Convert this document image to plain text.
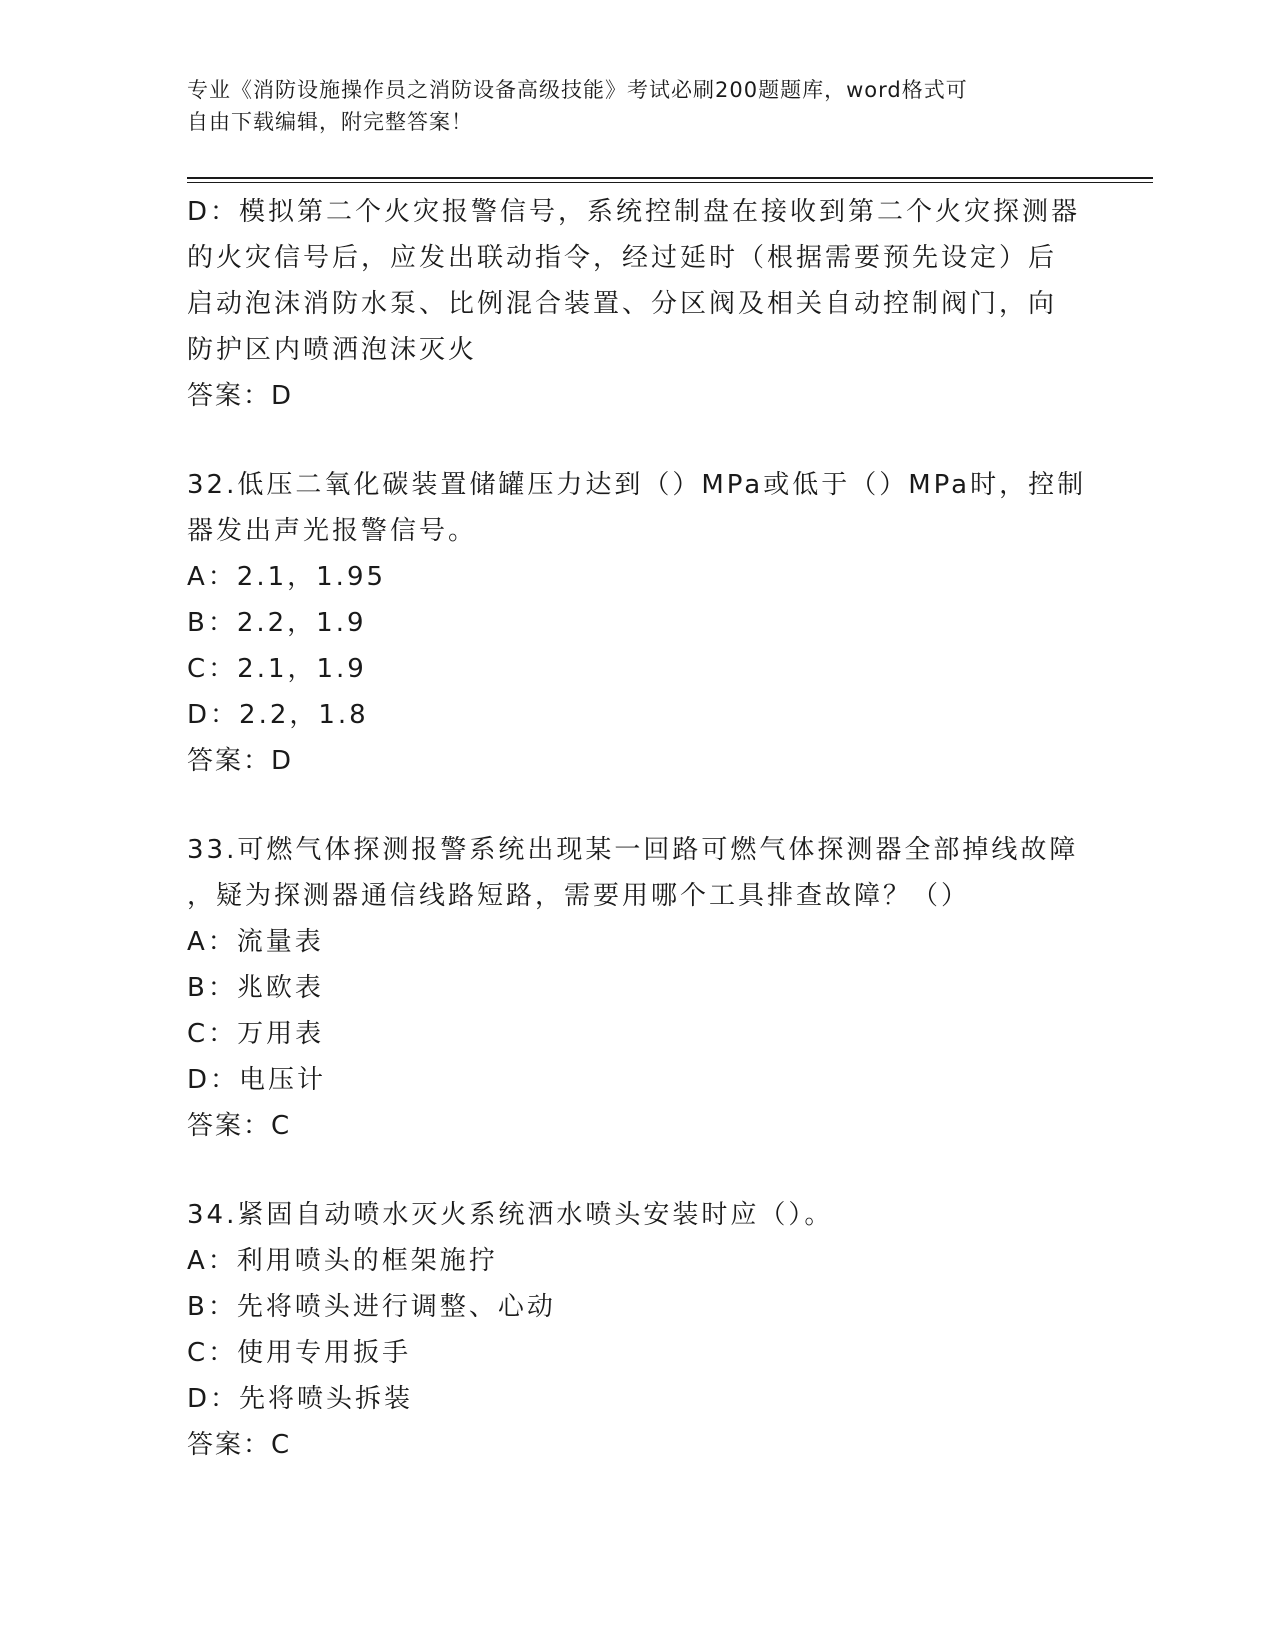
专业《消防设施操作员之消防设备高级技能》考试必刷200题题库，word格式可
自由下载编辑，附完整答案！
D：模拟第二个火灾报警信号，系统控制盘在接收到第二个火灾探测器
的火灾信号后，应发出联动指令，经过延时（根据需要预先设定）后
启动泡沫消防水泵、比例混合装置、分区阀及相关自动控制阀门，向
防护区内喷洒泡沫灭火
答案：D
32.低压二氧化碳装置储罐压力达到（）MPa或低于（）MPa时，控制
器发出声光报警信号。
A：2.1，1.95
B：2.2，1.9
C：2.1，1.9
D：2.2，1.8
答案：D
33.可燃气体探测报警系统出现某一回路可燃气体探测器全部掉线故障
，疑为探测器通信线路短路，需要用哪个工具排查故障？（）
A：流量表
B：兆欧表
C：万用表
D：电压计
答案：C
34.紧固自动喷水灭火系统洒水喷头安装时应（）。
A：利用喷头的框架施拧
B：先将喷头进行调整、心动
C：使用专用扳手
D：先将喷头拆装
答案：C
